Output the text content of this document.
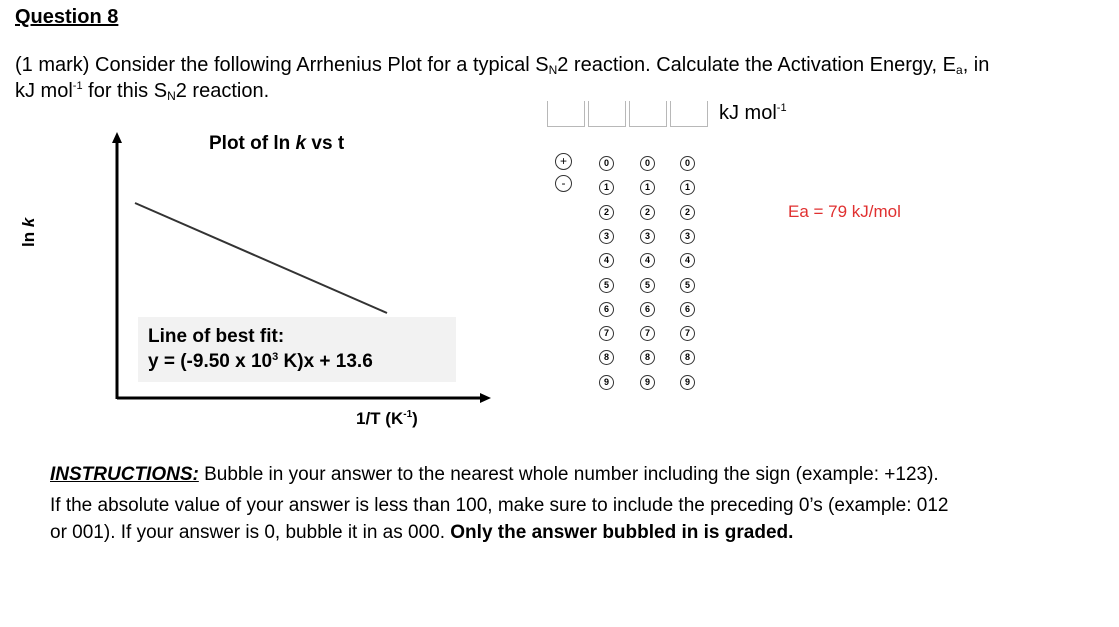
Question 8
(1 mark) Consider the following Arrhenius Plot for a typical SN2 reaction. Calculate the Activation Energy, Ea, in
kJ mol$^{-1}$ for this SN2 reaction.
kJ mol$^{-1}$
Plot of ln k vs t
Line of best fit:
y = (-9.50 x $10^3$ K)x + 13.6
1/T $(K^{-1})$
ln k
+
-
0
1
2
3
4
5
6
7
8
9
0
1
2
3
4
5
6
7
8
9
0
1
2
3
4
5
6
7
8
9
Ea = 79 kJ/mol
INSTRUCTIONS: Bubble in your answer to the nearest whole number including the sign (example: +123).
If the absolute value of your answer is less than 100, make sure to include the preceding 0’s (example: 012
or 001). If your answer is 0, bubble it in as 000. Only the answer bubbled in is graded.
